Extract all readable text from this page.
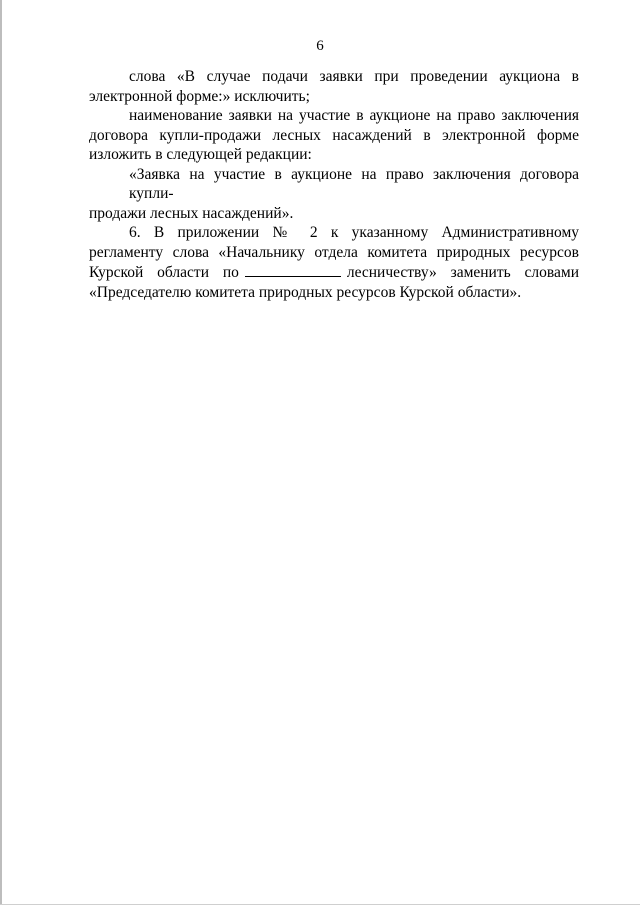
6
слова «В случае подачи заявки при проведении аукциона в
электронной форме:» исключить;
наименование заявки на участие в аукционе на право заключения
договора купли-продажи лесных насаждений в электронной форме
изложить в следующей редакции:
«Заявка на участие в аукционе на право заключения договора купли-
продажи лесных насаждений».
6. В приложении № 2 к указанному Административному
регламенту слова «Начальнику отдела комитета природных ресурсов
Курской области по	лесничеству» заменить словами
«Председателю комитета природных ресурсов Курской области».
